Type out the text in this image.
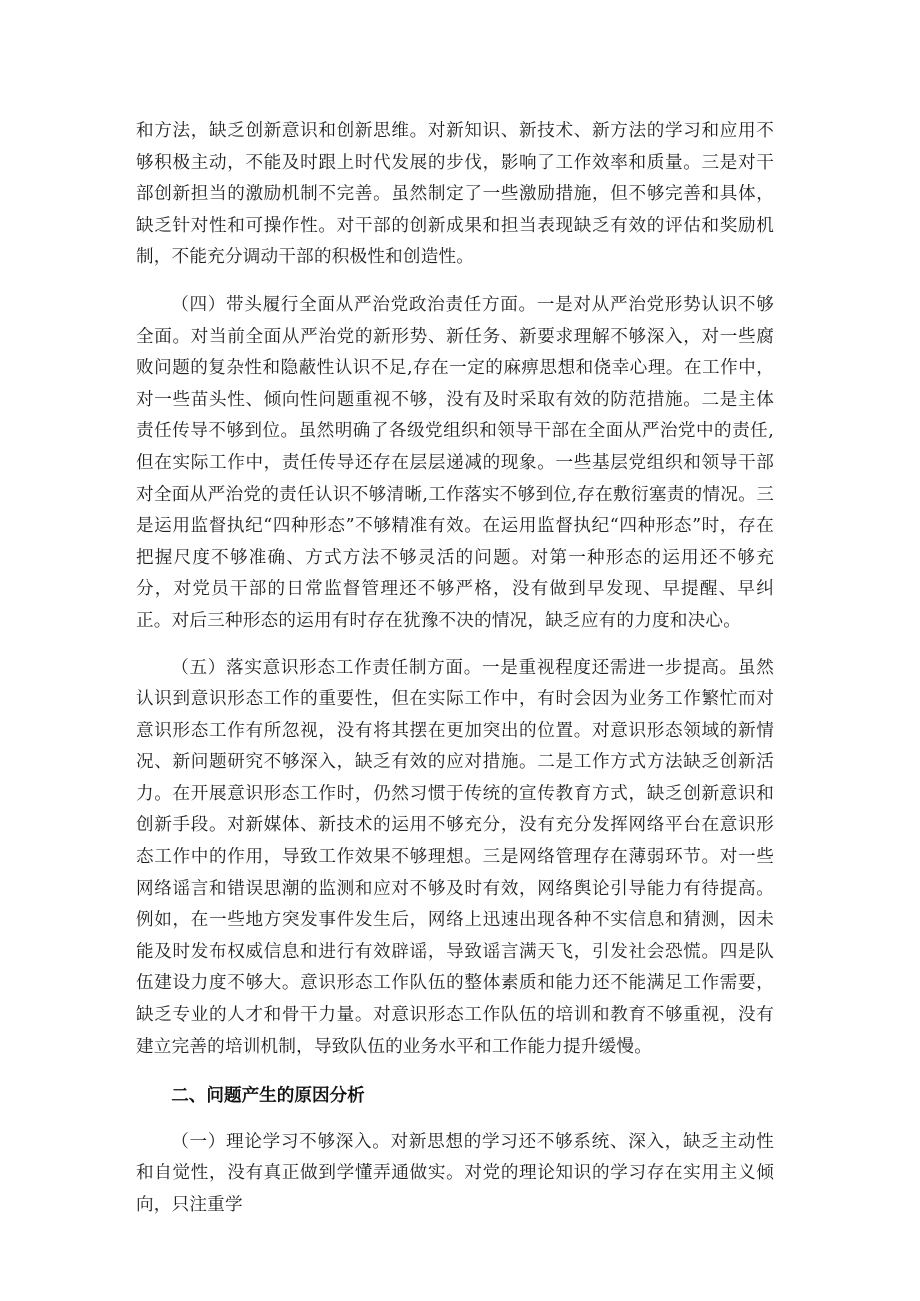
和方法，缺乏创新意识和创新思维。对新知识、新技术、新方法的学习和应用不够积极主动，不能及时跟上时代发展的步伐，影响了工作效率和质量。三是对干部创新担当的激励机制不完善。虽然制定了一些激励措施，但不够完善和具体，缺乏针对性和可操作性。对干部的创新成果和担当表现缺乏有效的评估和奖励机制，不能充分调动干部的积极性和创造性。

（四）带头履行全面从严治党政治责任方面。一是对从严治党形势认识不够全面。对当前全面从严治党的新形势、新任务、新要求理解不够深入，对一些腐败问题的复杂性和隐蔽性认识不足,存在一定的麻痹思想和侥幸心理。在工作中，对一些苗头性、倾向性问题重视不够，没有及时采取有效的防范措施。二是主体责任传导不够到位。虽然明确了各级党组织和领导干部在全面从严治党中的责任,但在实际工作中，责任传导还存在层层递减的现象。一些基层党组织和领导干部对全面从严治党的责任认识不够清晰,工作落实不够到位,存在敷衍塞责的情况。三是运用监督执纪“四种形态”不够精准有效。在运用监督执纪“四种形态”时，存在把握尺度不够准确、方式方法不够灵活的问题。对第一种形态的运用还不够充分，对党员干部的日常监督管理还不够严格，没有做到早发现、早提醒、早纠正。对后三种形态的运用有时存在犹豫不决的情况，缺乏应有的力度和决心。

（五）落实意识形态工作责任制方面。一是重视程度还需进一步提高。虽然认识到意识形态工作的重要性，但在实际工作中，有时会因为业务工作繁忙而对意识形态工作有所忽视，没有将其摆在更加突出的位置。对意识形态领域的新情况、新问题研究不够深入，缺乏有效的应对措施。二是工作方式方法缺乏创新活力。在开展意识形态工作时，仍然习惯于传统的宣传教育方式，缺乏创新意识和创新手段。对新媒体、新技术的运用不够充分，没有充分发挥网络平台在意识形态工作中的作用，导致工作效果不够理想。三是网络管理存在薄弱环节。对一些网络谣言和错误思潮的监测和应对不够及时有效，网络舆论引导能力有待提高。例如，在一些地方突发事件发生后，网络上迅速出现各种不实信息和猜测，因未能及时发布权威信息和进行有效辟谣，导致谣言满天飞，引发社会恐慌。四是队伍建设力度不够大。意识形态工作队伍的整体素质和能力还不能满足工作需要，缺乏专业的人才和骨干力量。对意识形态工作队伍的培训和教育不够重视，没有建立完善的培训机制，导致队伍的业务水平和工作能力提升缓慢。

二、问题产生的原因分析

（一）理论学习不够深入。对新思想的学习还不够系统、深入，缺乏主动性和自觉性，没有真正做到学懂弄通做实。对党的理论知识的学习存在实用主义倾向，只注重学
